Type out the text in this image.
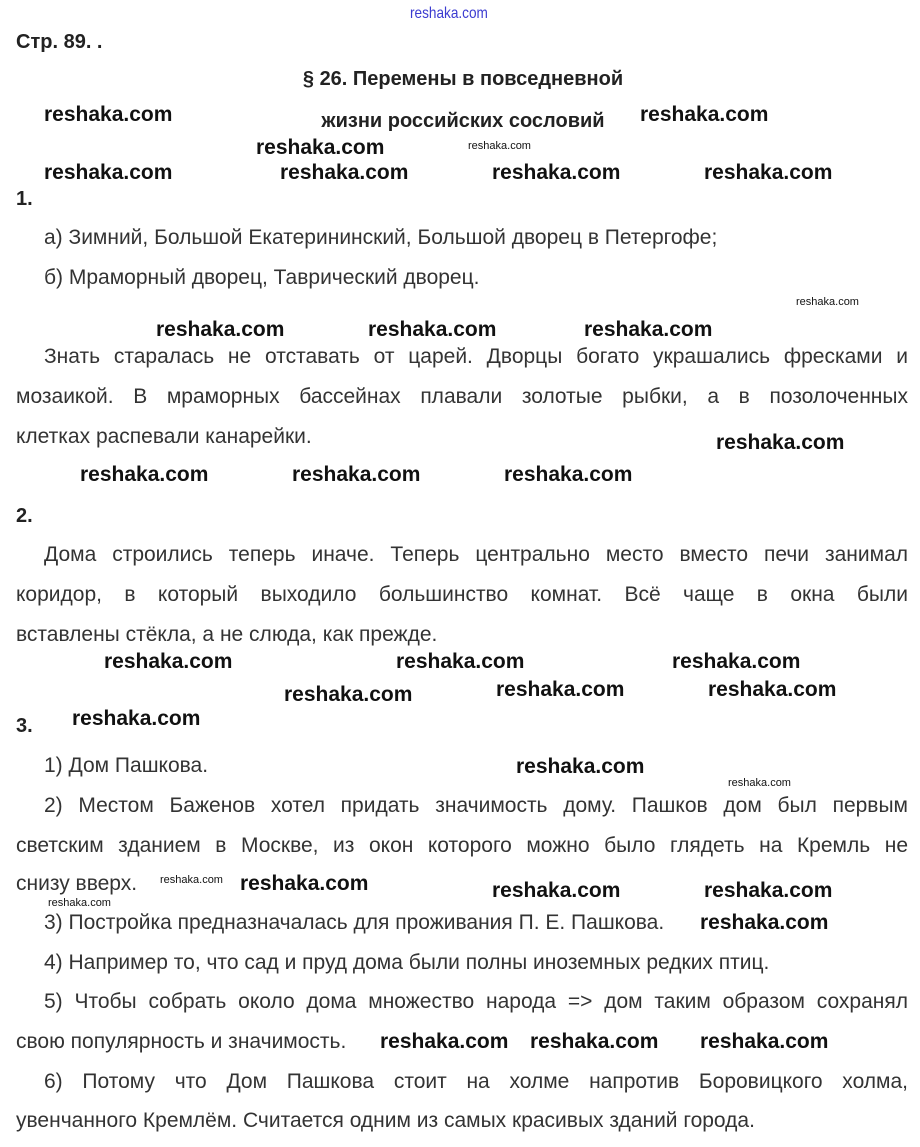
reshaka.com
Стр. 89. .
§ 26. Перемены в повседневной
жизни российских сословий
1.
а) Зимний, Большой Екатерининский, Большой дворец в Петергофе;
б) Мраморный дворец, Таврический дворец.
Знать старалась не отставать от царей. Дворцы богато украшались фресками и
мозаикой. В мраморных бассейнах плавали золотые рыбки, а в позолоченных
клетках распевали канарейки.
2.
Дома строились теперь иначе. Теперь центрально место вместо печи занимал
коридор, в который выходило большинство комнат. Всё чаще в окна были
вставлены стёкла, а не слюда, как прежде.
3.
1) Дом Пашкова.
2) Местом Баженов хотел придать значимость дому. Пашков дом был первым
светским зданием в Москве, из окон которого можно было глядеть на Кремль не
снизу вверх.
3) Постройка предназначалась для проживания П. Е. Пашкова.
4) Например то, что сад и пруд дома были полны иноземных редких птиц.
5) Чтобы собрать около дома множество народа => дом таким образом сохранял
свою популярность и значимость.
6) Потому что Дом Пашкова стоит на холме напротив Боровицкого холма,
увенчанного Кремлём. Считается одним из самых красивых зданий города.
reshaka.com
reshaka.com	reshaka.com
reshaka.com
reshaka.com	reshaka.com	reshaka.com	reshaka.com
reshaka.com
reshaka.com	reshaka.com	reshaka.com
reshaka.com
reshaka.com	reshaka.com	reshaka.com
reshaka.com	reshaka.com	reshaka.com
reshaka.com	reshaka.com	reshaka.com
reshaka.com
reshaka.com
reshaka.com
reshaka.com reshaka.com	reshaka.com	reshaka.com
reshaka.com
reshaka.com
reshaka.com reshaka.com reshaka.com
